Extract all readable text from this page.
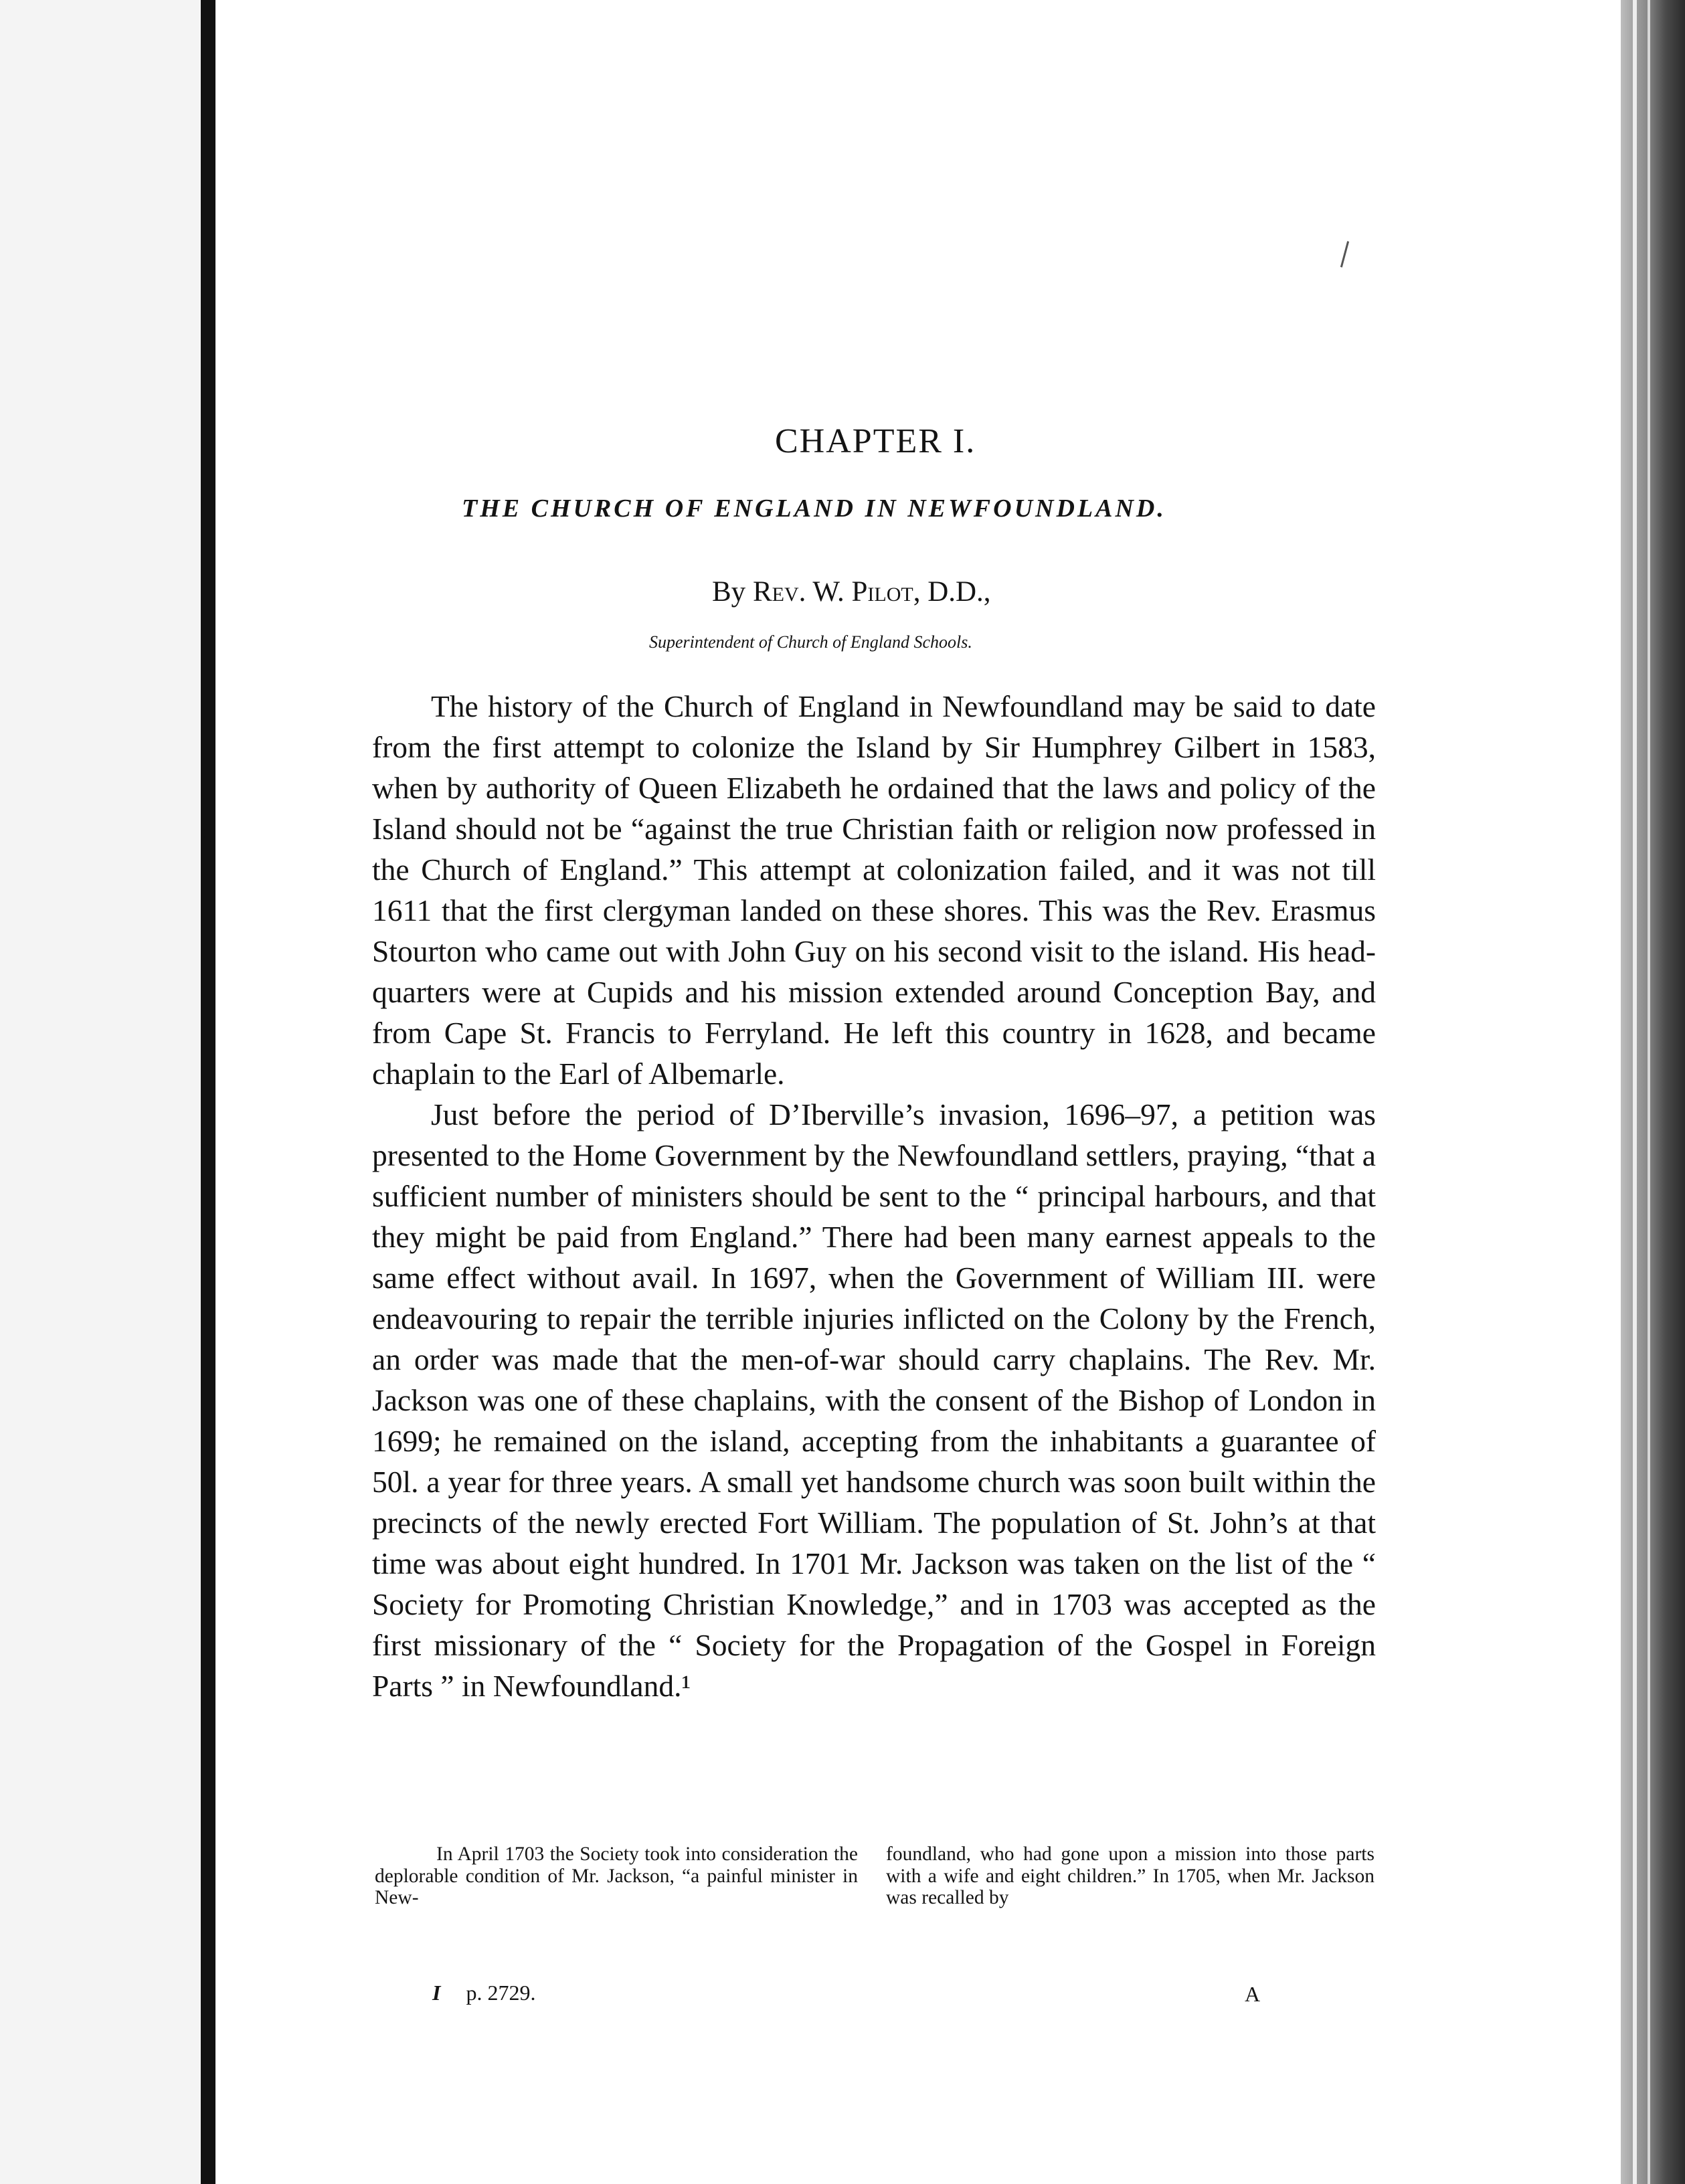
CHAPTER I.
THE CHURCH OF ENGLAND IN NEWFOUNDLAND.
By Rev. W. Pilot, D.D.,
Superintendent of Church of England Schools.

The history of the Church of England in Newfoundland may be said to date from the first attempt to colonize the Island by Sir Humphrey Gilbert in 1583, when by authority of Queen Elizabeth he ordained that the laws and policy of the Island should not be “against the true Christian faith or religion now professed in the Church of England.” This attempt at colonization failed, and it was not till 1611 that the first clergyman landed on these shores. This was the Rev. Erasmus Stourton who came out with John Guy on his second visit to the island. His head-quarters were at Cupids and his mission extended around Conception Bay, and from Cape St. Francis to Ferryland. He left this country in 1628, and became chaplain to the Earl of Albemarle.

Just before the period of D’Iberville’s invasion, 1696–97, a petition was presented to the Home Government by the Newfoundland settlers, praying, “that a sufficient number of ministers should be sent to the “ principal harbours, and that they might be paid from England.” There had been many earnest appeals to the same effect without avail. In 1697, when the Government of William III. were endeavouring to repair the terrible injuries inflicted on the Colony by the French, an order was made that the men-of-war should carry chaplains. The Rev. Mr. Jackson was one of these chaplains, with the consent of the Bishop of London in 1699; he remained on the island, accepting from the inhabitants a guarantee of 50l. a year for three years. A small yet handsome church was soon built within the precincts of the newly erected Fort William. The population of St. John’s at that time was about eight hundred. In 1701 Mr. Jackson was taken on the list of the “ Society for Promoting Christian Knowledge,” and in 1703 was accepted as the first missionary of the “ Society for the Propagation of the Gospel in Foreign Parts ” in Newfoundland.¹

In April 1703 the Society took into consideration the deplorable condition of Mr. Jackson, “a painful minister in New-
foundland, who had gone upon a mission into those parts with a wife and eight children.” In 1705, when Mr. Jackson was recalled by
I p. 2729.	A
